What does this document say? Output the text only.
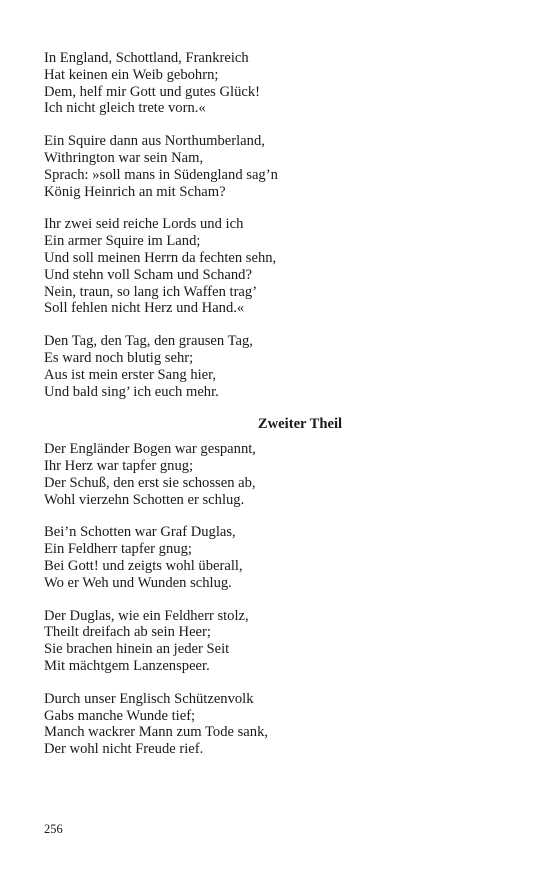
In England, Schottland, Frankreich
Hat keinen ein Weib gebohrn;
Dem, helf mir Gott und gutes Glück!
Ich nicht gleich trete vorn.«
Ein Squire dann aus Northumberland,
Withrington war sein Nam,
Sprach: »soll mans in Südengland sag’n
König Heinrich an mit Scham?
Ihr zwei seid reiche Lords und ich
Ein armer Squire im Land;
Und soll meinen Herrn da fechten sehn,
Und stehn voll Scham und Schand?
Nein, traun, so lang ich Waffen trag’
Soll fehlen nicht Herz und Hand.«
Den Tag, den Tag, den grausen Tag,
Es ward noch blutig sehr;
Aus ist mein erster Sang hier,
Und bald sing’ ich euch mehr.
Zweiter Theil
Der Engländer Bogen war gespannt,
Ihr Herz war tapfer gnug;
Der Schuß, den erst sie schossen ab,
Wohl vierzehn Schotten er schlug.
Bei’n Schotten war Graf Duglas,
Ein Feldherr tapfer gnug;
Bei Gott! und zeigts wohl überall,
Wo er Weh und Wunden schlug.
Der Duglas, wie ein Feldherr stolz,
Theilt dreifach ab sein Heer;
Sie brachen hinein an jeder Seit
Mit mächtgem Lanzenspeer.
Durch unser Englisch Schützenvolk
Gabs manche Wunde tief;
Manch wackrer Mann zum Tode sank,
Der wohl nicht Freude rief.
256
